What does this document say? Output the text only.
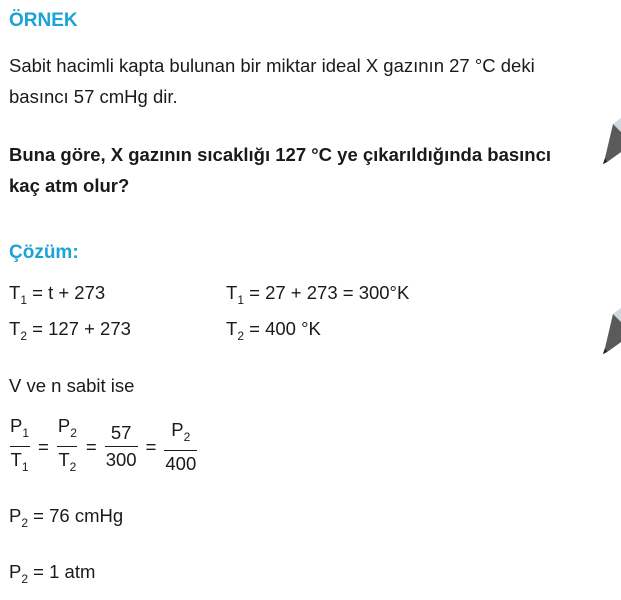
ÖRNEK
Sabit hacimli kapta bulunan bir miktar ideal X gazının 27 °C deki
basıncı 57 cmHg dir.
Buna göre, X gazının sıcaklığı 127 °C ye çıkarıldığında basıncı
kaç atm olur?
Çözüm:
$T_1 = t + 273$	$T_1 = 27 + 273 = 300^\circ K$
$T_2 = 127 + 273$	$T_2 = 400$ °K
V ve n sabit ise
$\frac{P_1}{T_1} = \frac{P_2}{T_2} = \frac{57}{300} = \frac{P_2}{400}$
$P_2 = 76$ cmHg
$P_2 = 1$ atm
